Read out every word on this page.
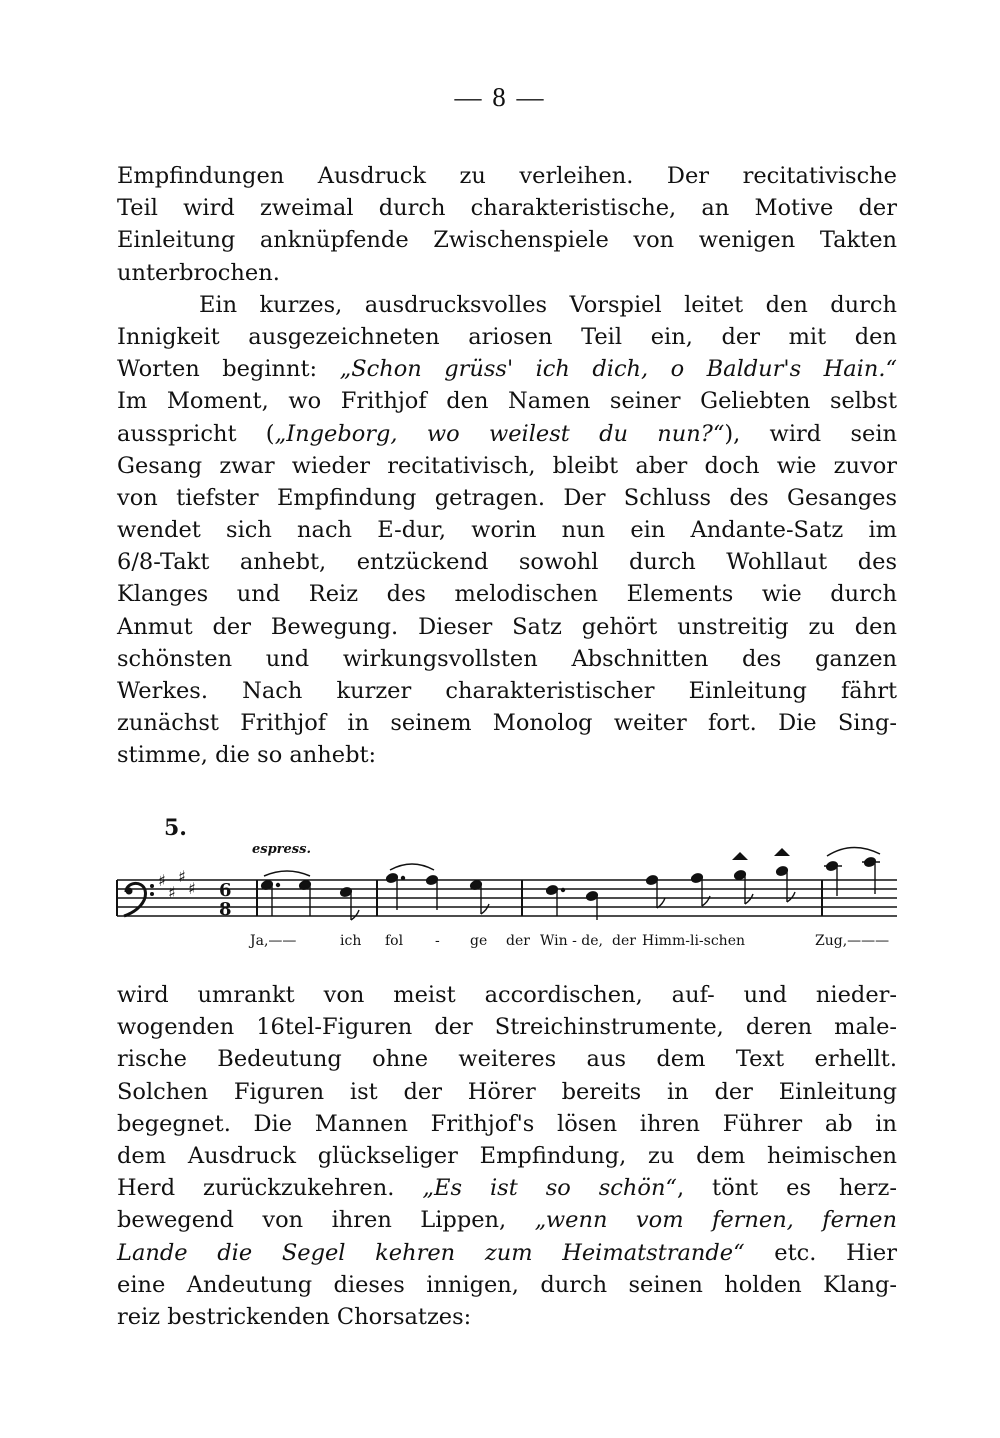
— 8 —
Empfindungen Ausdruck zu verleihen. Der recitativische
Teil wird zweimal durch charakteristische, an Motive der
Einleitung anknüpfende Zwischenspiele von wenigen Takten
unterbrochen.
Ein kurzes, ausdrucksvolles Vorspiel leitet den durch
Innigkeit ausgezeichneten ariosen Teil ein, der mit den
Worten beginnt: „Schon grüss' ich dich, o Baldur's Hain.“
Im Moment, wo Frithjof den Namen seiner Geliebten selbst
ausspricht („Ingeborg, wo weilest du nun?“), wird sein
Gesang zwar wieder recitativisch, bleibt aber doch wie zuvor
von tiefster Empfindung getragen. Der Schluss des Gesanges
wendet sich nach E-dur, worin nun ein Andante-Satz im
6/8-Takt anhebt, entzückend sowohl durch Wohllaut des
Klanges und Reiz des melodischen Elements wie durch
Anmut der Bewegung. Dieser Satz gehört unstreitig zu den
schönsten und wirkungsvollsten Abschnitten des ganzen
Werkes. Nach kurzer charakteristischer Einleitung fährt
zunächst Frithjof in seinem Monolog weiter fort. Die Sing-
stimme, die so anhebt:
5.
espress.
♯
♯
♯
♯ 6
8
Ja,——	ich fol - ge der Win - de, der Himm-li-schen	Zug,———
wird umrankt von meist accordischen, auf- und nieder-
wogenden 16tel-Figuren der Streichinstrumente, deren male-
rische Bedeutung ohne weiteres aus dem Text erhellt.
Solchen Figuren ist der Hörer bereits in der Einleitung
begegnet. Die Mannen Frithjof's lösen ihren Führer ab in
dem Ausdruck glückseliger Empfindung, zu dem heimischen
Herd zurückzukehren. „Es ist so schön“, tönt es herz-
bewegend von ihren Lippen, „wenn vom fernen, fernen
Lande die Segel kehren zum Heimatstrande“ etc. Hier
eine Andeutung dieses innigen, durch seinen holden Klang-
reiz bestrickenden Chorsatzes:
